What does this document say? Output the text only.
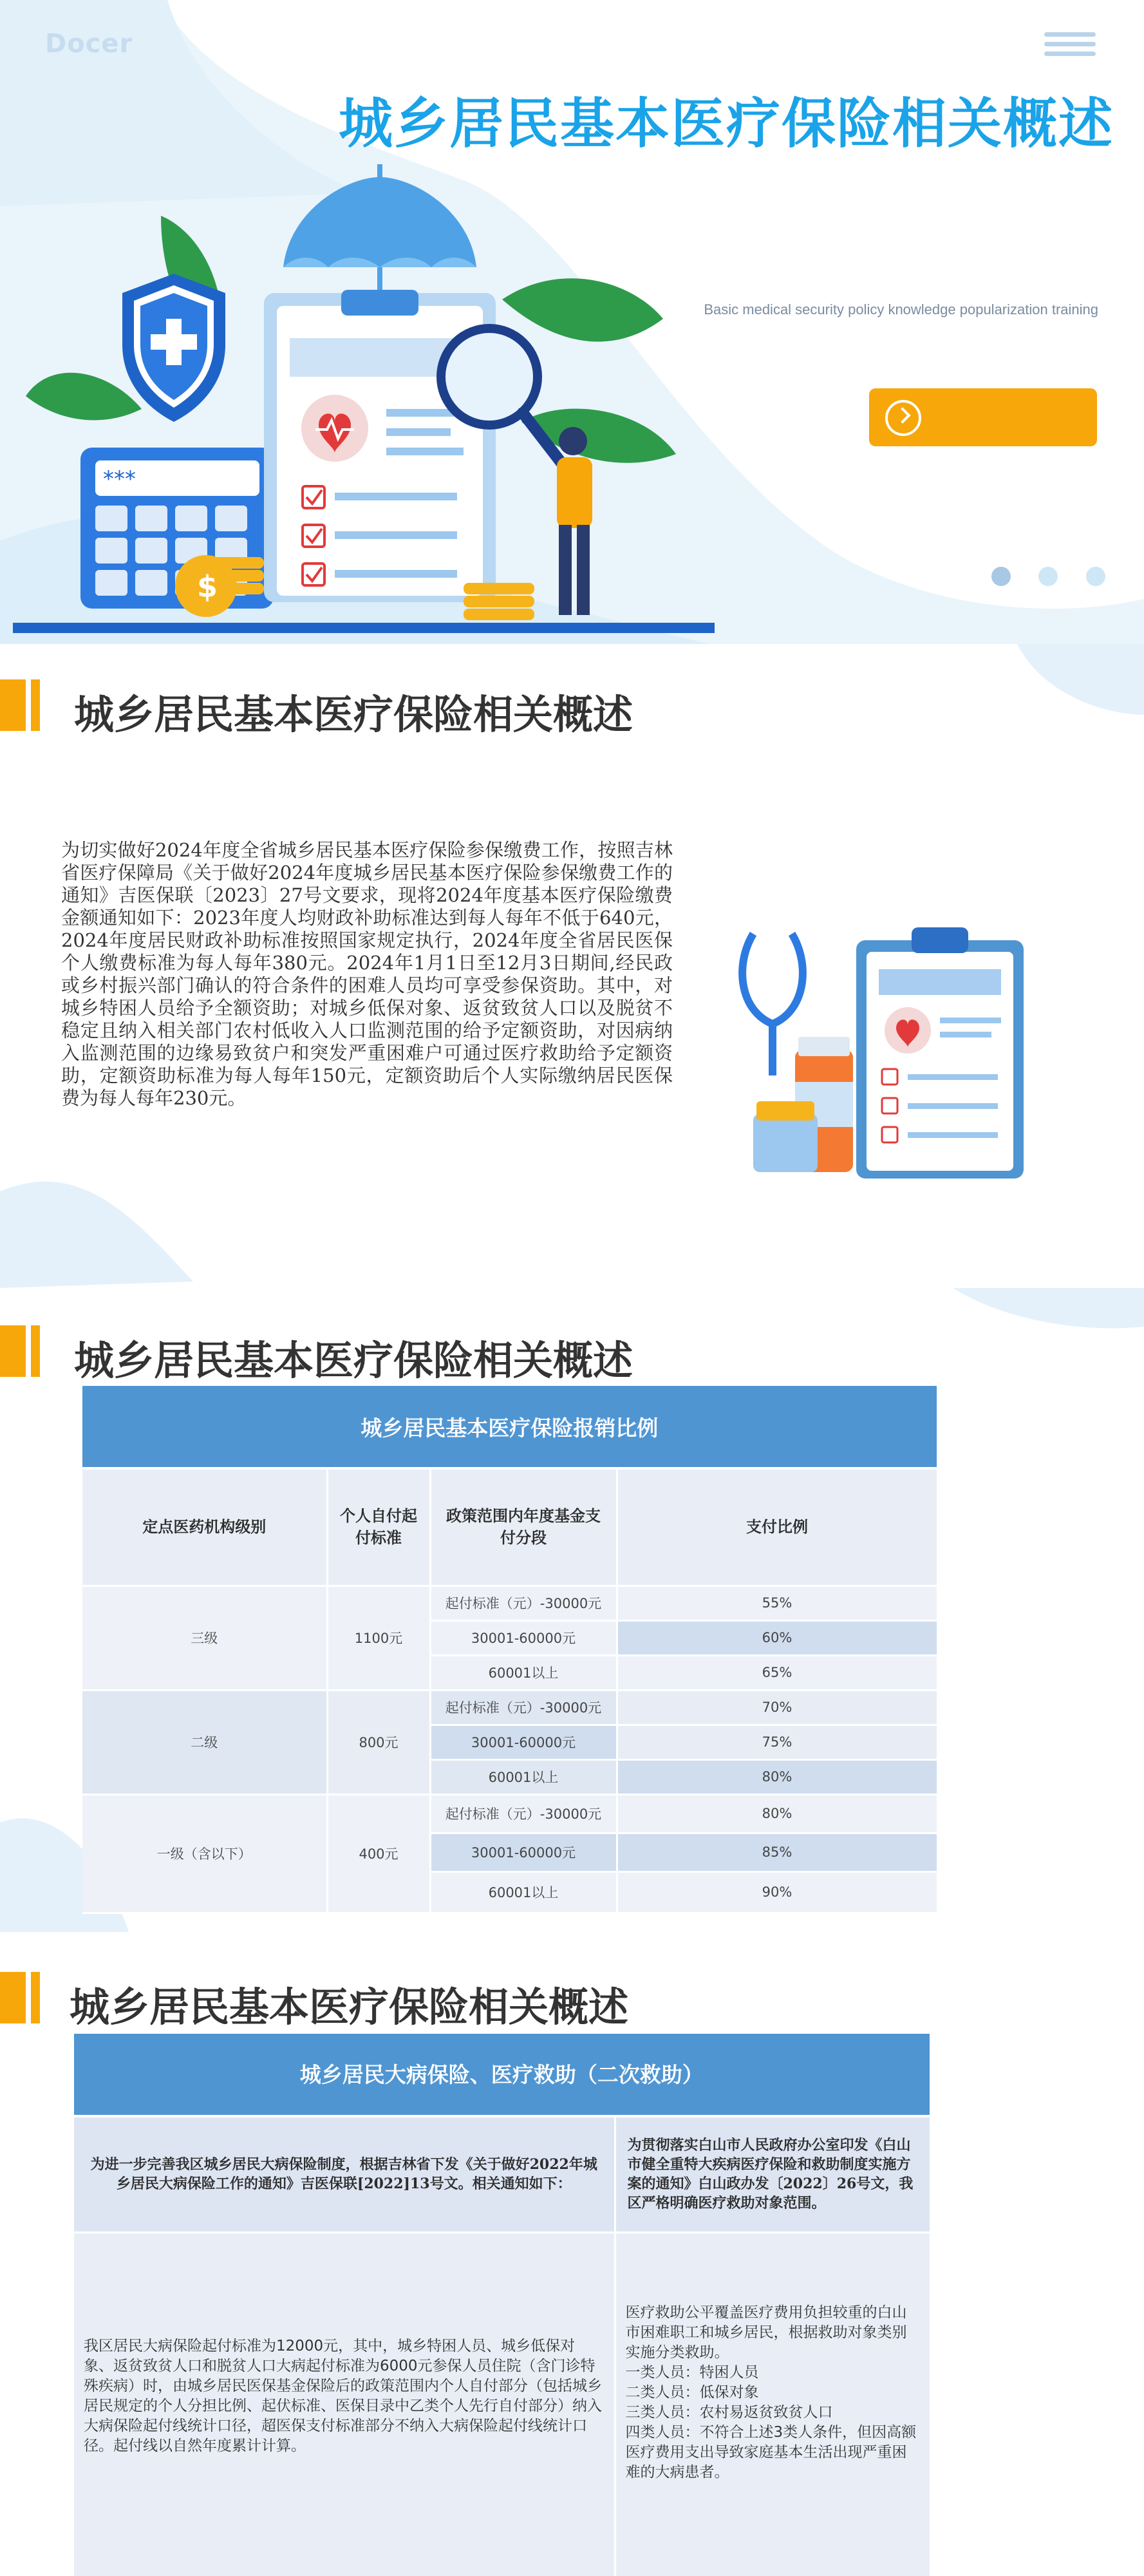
Docer
城乡居民基本医疗保险相关概述
Basic medical security policy knowledge popularization training
***
$
城乡居民基本医疗保险相关概述
为切实做好2024年度全省城乡居民基本医疗保险参保缴费工作，按照吉林省医疗保障局《关于做好2024年度城乡居民基本医疗保险参保缴费工作的通知》吉医保联〔2023〕27号文要求，现将2024年度基本医疗保险缴费金额通知如下：2023年度人均财政补助标准达到每人每年不低于640元，2024年度居民财政补助标准按照国家规定执行，2024年度全省居民医保个人缴费标准为每人每年380元。2024年1月1日至12月3日期间,经民政或乡村振兴部门确认的符合条件的困难人员均可享受参保资助。其中，对城乡特困人员给予全额资助；对城乡低保对象、返贫致贫人口以及脱贫不稳定且纳入相关部门农村低收入人口监测范围的给予定额资助，对因病纳入监测范围的边缘易致贫户和突发严重困难户可通过医疗救助给予定额资助，定额资助标准为每人每年150元，定额资助后个人实际缴纳居民医保费为每人每年230元。
城乡居民基本医疗保险相关概述
城乡居民基本医疗保险报销比例			
定点医药机构级别	个人自付起付标准	政策范围内年度基金支付分段	支付比例
三级	1100元	起付标准（元）-30000元	55%
		30001-60000元	60%
		60001以上	65%
二级	800元	起付标准（元）-30000元	70%
		30001-60000元	75%
		60001以上	80%
一级（含以下）	400元	起付标准（元）-30000元	80%
		30001-60000元	85%
		60001以上	90%
城乡居民基本医疗保险相关概述
城乡居民大病保险、医疗救助（二次救助）	
为进一步完善我区城乡居民大病保险制度，根据吉林省下发《关于做好2022年城乡居民大病保险工作的通知》吉医保联[2022]13号文。相关通知如下：	为贯彻落实白山市人民政府办公室印发《白山市健全重特大疾病医疗保险和救助制度实施方案的通知》白山政办发〔2022〕26号文，我区严格明确医疗救助对象范围。
我区居民大病保险起付标准为12000元，其中，城乡特困人员、城乡低保对象、返贫致贫人口和脱贫人口大病起付标准为6000元参保人员住院（含门诊特殊疾病）时，由城乡居民医保基金保险后的政策范围内个人自付部分（包括城乡居民规定的个人分担比例、起伏标准、医保目录中乙类个人先行自付部分）纳入大病保险起付线统计口径，超医保支付标准部分不纳入大病保险起付线统计口径。起付线以自然年度累计计算。	医疗救助公平覆盖医疗费用负担较重的白山市困难职工和城乡居民，根据救助对象类别实施分类救助。
一类人员：特困人员
二类人员：低保对象
三类人员：农村易返贫致贫人口
四类人员：不符合上述3类人条件，但因高额医疗费用支出导致家庭基本生活出现严重困难的大病患者。
